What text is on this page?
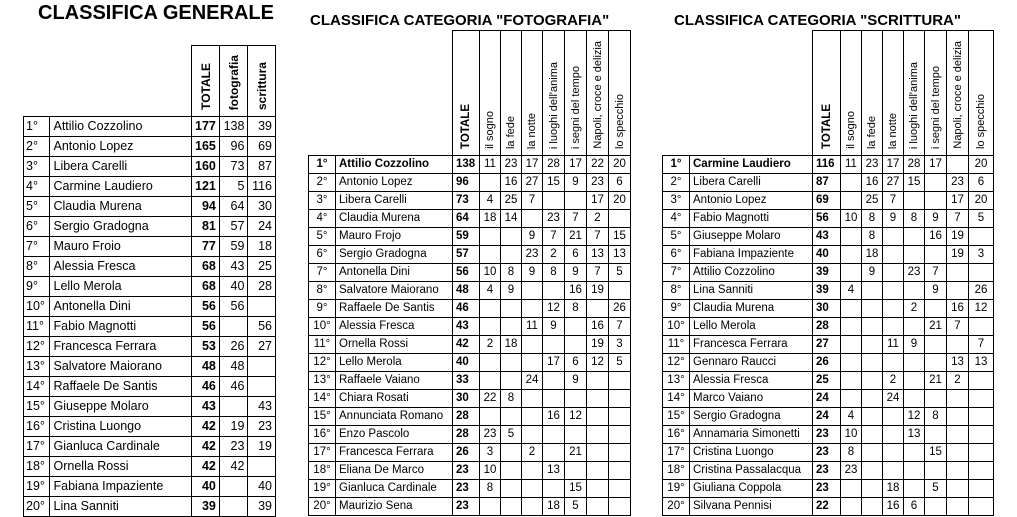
CLASSIFICA GENERALE CLASSIFICA CATEGORIA "FOTOGRAFIA"	CLASSIFICA CATEGORIA "SCRITTURA"
		TOTALE	fotografia	scrittura
1°	Attilio Cozzolino	177	138	39
2°	Antonio Lopez	165	96	69
3°	Libera Carelli	160	73	87
4°	Carmine Laudiero	121	5	116
5°	Claudia Murena	94	64	30
6°	Sergio Gradogna	81	57	24
7°	Mauro Froio	77	59	18
8°	Alessia Fresca	68	43	25
9°	Lello Merola	68	40	28
10°	Antonella Dini	56	56	
11°	Fabio Magnotti	56		56
12°	Francesca Ferrara	53	26	27
13°	Salvatore Maiorano	48	48	
14°	Raffaele De Santis	46	46	
15°	Giuseppe Molaro	43		43
16°	Cristina Luongo	42	19	23
17°	Gianluca Cardinale	42	23	19
18°	Ornella Rossi	42	42	
19°	Fabiana Impaziente	40		40
20°	Lina Sanniti	39		39
		TOTALE	il sogno	la fede	la notte	i luoghi dell'anima	i segni del tempo	Napoli, croce e delizia	lo specchio
1°	Attilio Cozzolino	138	11	23	17	28	17	22	20
2°	Antonio Lopez	96		16	27	15	9	23	6
3°	Libera Carelli	73	4	25	7			17	20
4°	Claudia Murena	64	18	14		23	7	2	
5°	Mauro Frojo	59			9	7	21	7	15
6°	Sergio Gradogna	57			23	2	6	13	13
7°	Antonella Dini	56	10	8	9	8	9	7	5
8°	Salvatore Maiorano	48	4	9			16	19	
9°	Raffaele De Santis	46				12	8		26
10°	Alessia Fresca	43			11	9		16	7
11°	Ornella Rossi	42	2	18				19	3
12°	Lello Merola	40				17	6	12	5
13°	Raffaele Vaiano	33			24		9		
14°	Chiara Rosati	30	22	8					
15°	Annunciata Romano	28				16	12		
16°	Enzo Pascolo	28	23	5					
17°	Francesca Ferrara	26	3		2		21		
18°	Eliana De Marco	23	10			13			
19°	Gianluca Cardinale	23	8				15		
20°	Maurizio Sena	23				18	5		
		TOTALE	il sogno	la fede	la notte	i luoghi dell'anima	i segni del tempo	Napoli, croce e delizia	lo specchio
1°	Carmine Laudiero	116	11	23	17	28	17		20
2°	Libera Carelli	87		16	27	15		23	6
3°	Antonio Lopez	69		25	7			17	20
4°	Fabio Magnotti	56	10	8	9	8	9	7	5
5°	Giuseppe Molaro	43		8			16	19	
6°	Fabiana Impaziente	40		18				19	3
7°	Attilio Cozzolino	39		9		23	7		
8°	Lina Sanniti	39	4				9		26
9°	Claudia Murena	30				2		16	12
10°	Lello Merola	28					21	7	
11°	Francesca Ferrara	27			11	9			7
12°	Gennaro Raucci	26						13	13
13°	Alessia Fresca	25			2		21	2	
14°	Marco Vaiano	24			24				
15°	Sergio Gradogna	24	4			12	8		
16°	Annamaria Simonetti	23	10			13			
17°	Cristina Luongo	23	8				15		
18°	Cristina Passalacqua	23	23						
19°	Giuliana Coppola	23			18		5		
20°	Silvana Pennisi	22			16	6			
